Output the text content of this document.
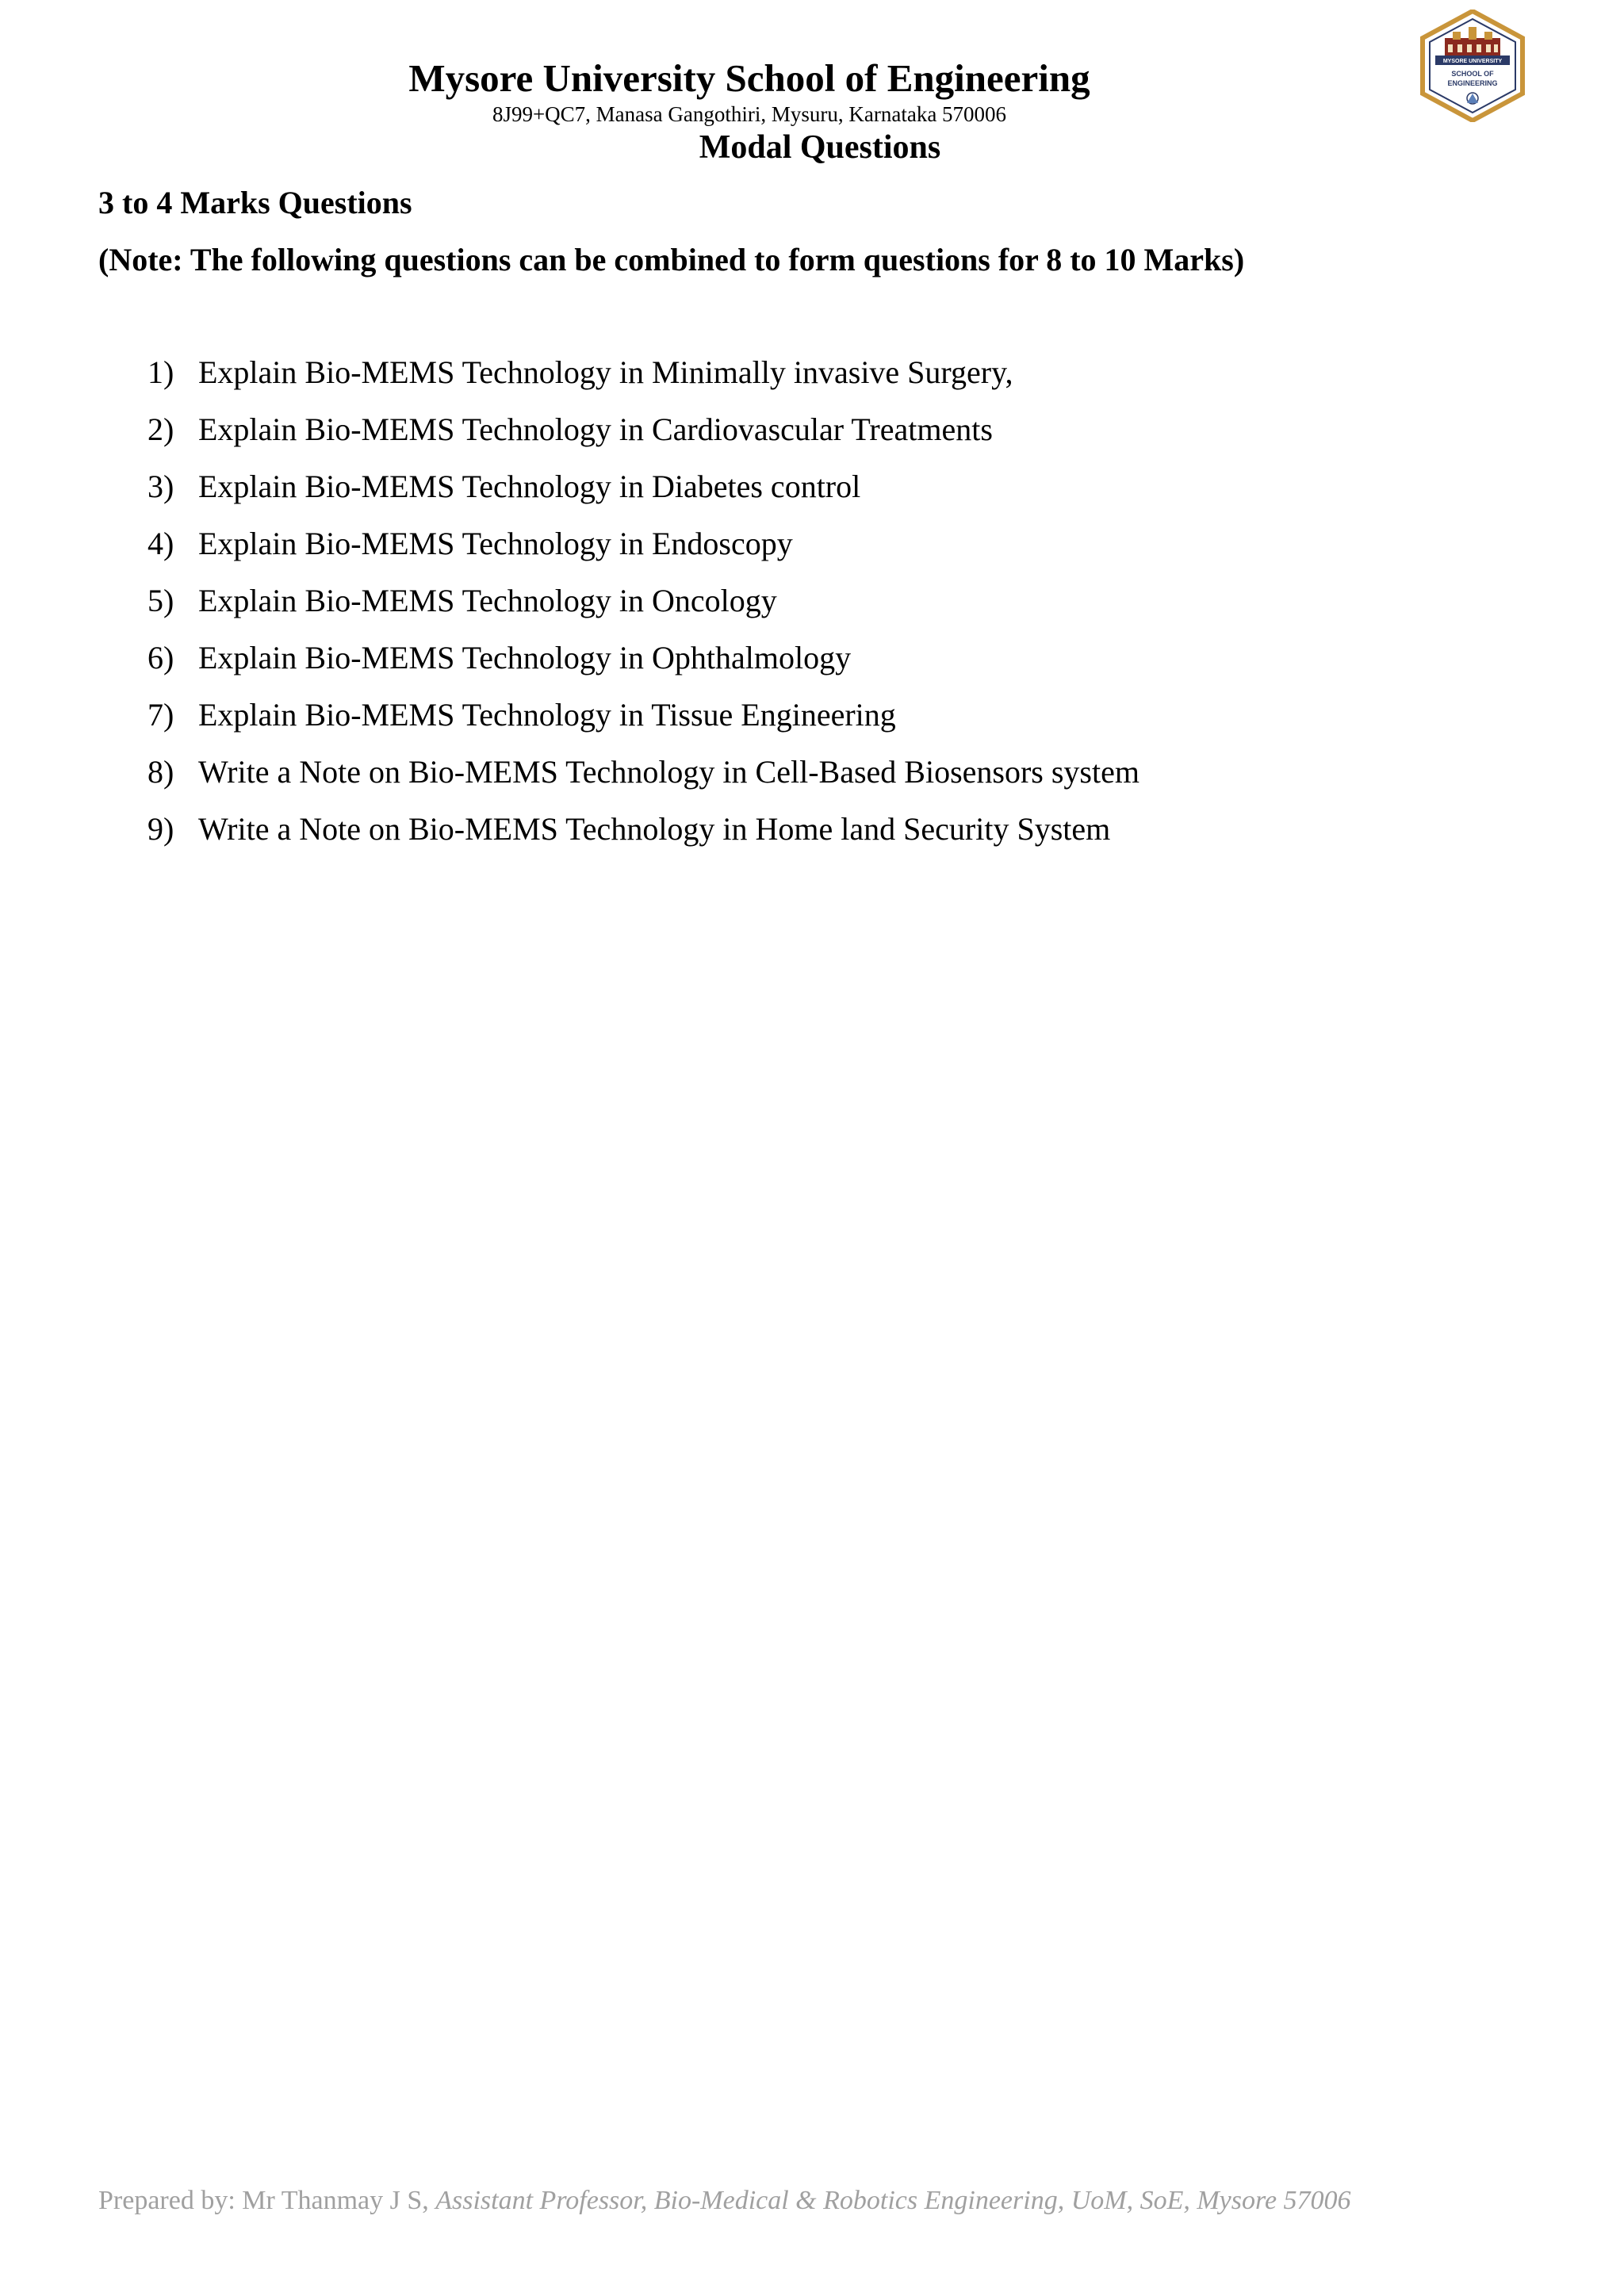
Mysore University School of Engineering
8J99+QC7, Manasa Gangothiri, Mysuru, Karnataka 570006
Modal Questions
MYSORE UNIVERSITY
SCHOOL OF
ENGINEERING
3 to 4 Marks Questions
(Note: The following questions can be combined to form questions for 8 to 10 Marks)
1) Explain Bio-MEMS Technology in Minimally invasive Surgery,
2) Explain Bio-MEMS Technology in Cardiovascular Treatments
3) Explain Bio-MEMS Technology in Diabetes control
4) Explain Bio-MEMS Technology in Endoscopy
5) Explain Bio-MEMS Technology in Oncology
6) Explain Bio-MEMS Technology in Ophthalmology
7) Explain Bio-MEMS Technology in Tissue Engineering
8) Write a Note on Bio-MEMS Technology in Cell-Based Biosensors system
9) Write a Note on Bio-MEMS Technology in Home land Security System
Prepared by: Mr Thanmay J S, Assistant Professor, Bio-Medical & Robotics Engineering, UoM, SoE, Mysore 57006
